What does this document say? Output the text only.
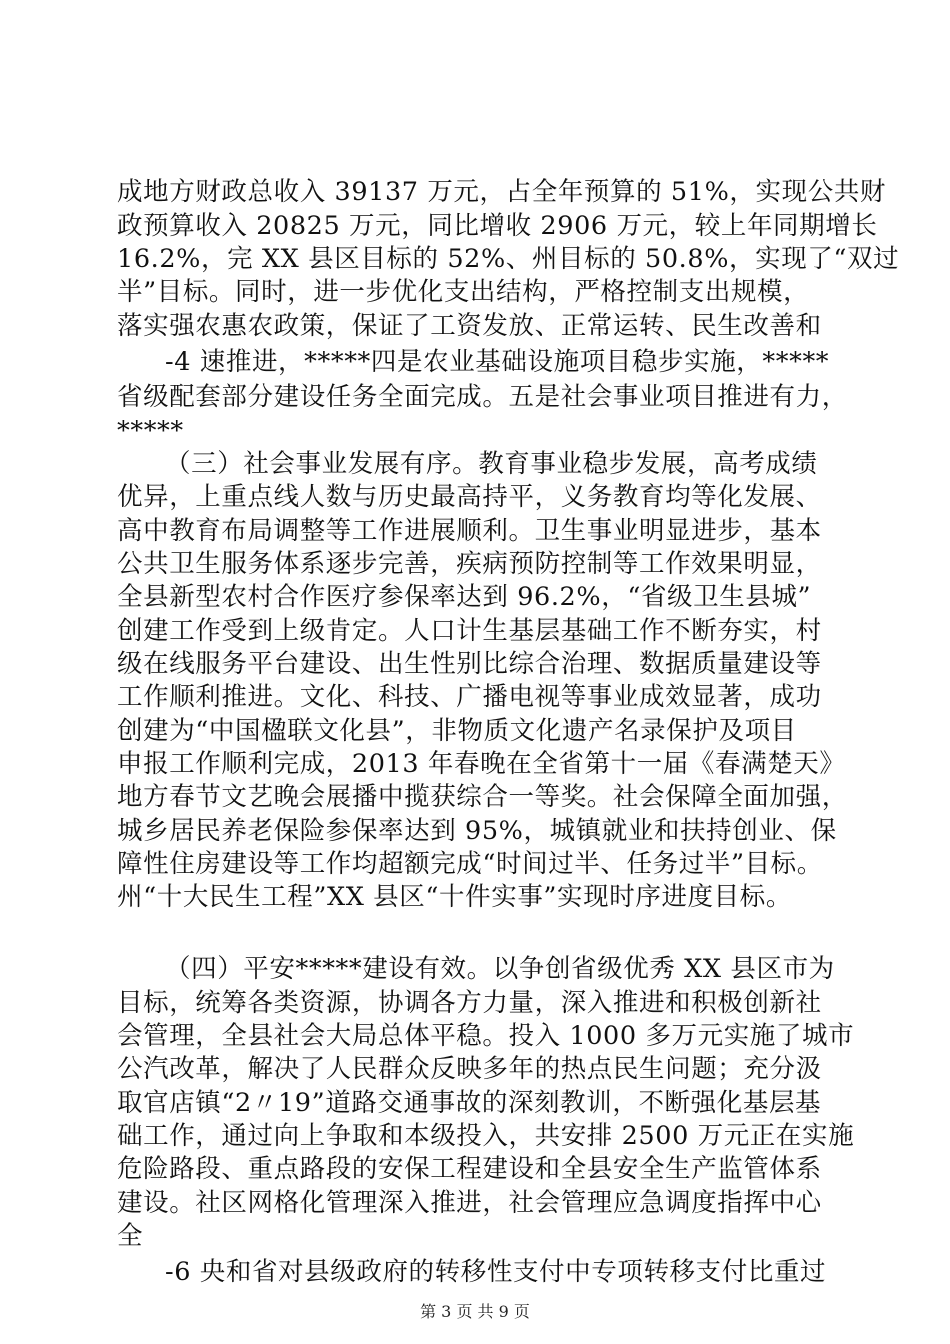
成地方财政总收入 39137 万元，占全年预算的 51%，实现公共财
政预算收入 20825 万元，同比增收 2906 万元，较上年同期增长
16.2%，完 XX 县区目标的 52%、州目标的 50.8%，实现了“双过
半”目标。同时，进一步优化支出结构，严格控制支出规模，
落实强农惠农政策，保证了工资发放、正常运转、民生改善和
-4 速推进，*****四是农业基础设施项目稳步实施，*****
省级配套部分建设任务全面完成。五是社会事业项目推进有力，
*****
（三）社会事业发展有序。教育事业稳步发展，高考成绩
优异，上重点线人数与历史最高持平，义务教育均等化发展、
高中教育布局调整等工作进展顺利。卫生事业明显进步，基本
公共卫生服务体系逐步完善，疾病预防控制等工作效果明显，
全县新型农村合作医疗参保率达到 96.2%，“省级卫生县城”
创建工作受到上级肯定。人口计生基层基础工作不断夯实，村
级在线服务平台建设、出生性别比综合治理、数据质量建设等
工作顺利推进。文化、科技、广播电视等事业成效显著，成功
创建为“中国楹联文化县”，非物质文化遗产名录保护及项目
申报工作顺利完成，2013 年春晚在全省第十一届《春满楚天》
地方春节文艺晚会展播中揽获综合一等奖。社会保障全面加强，
城乡居民养老保险参保率达到 95%，城镇就业和扶持创业、保
障性住房建设等工作均超额完成“时间过半、任务过半”目标。
州“十大民生工程”XX 县区“十件实事”实现时序进度目标。
（四）平安*****建设有效。以争创省级优秀 XX 县区市为
目标，统筹各类资源，协调各方力量，深入推进和积极创新社
会管理，全县社会大局总体平稳。投入 1000 多万元实施了城市
公汽改革，解决了人民群众反映多年的热点民生问题；充分汲
取官店镇“2〃19”道路交通事故的深刻教训，不断强化基层基
础工作，通过向上争取和本级投入，共安排 2500 万元正在实施
危险路段、重点路段的安保工程建设和全县安全生产监管体系
建设。社区网格化管理深入推进，社会管理应急调度指挥中心
全
-6 央和省对县级政府的转移性支付中专项转移支付比重过
第 3 页 共 9 页
